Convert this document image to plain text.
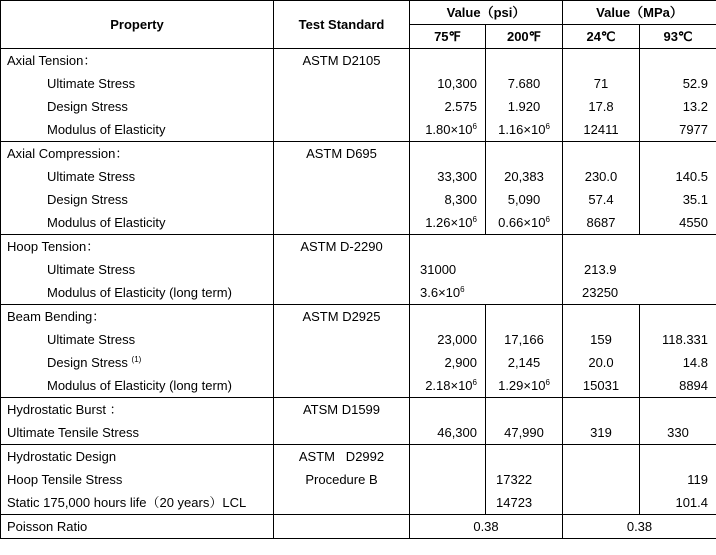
Property	Test Standard	Value（psi）		Value（MPa）	
		75℉	200℉	24℃	93℃
Axial Tension：	ASTM D2105				
Ultimate Stress		10,300	7.680	71	52.9
Design Stress		2.575	1.920	17.8	13.2
Modulus of Elasticity		$1.80\times 10^6$	$1.16\times 10^6$	12411	7977
Axial Compression：	ASTM D695				
Ultimate Stress		33,300	20,383	230.0	140.5
Design Stress		8,300	5,090	57.4	35.1
Modulus of Elasticity		$1.26\times 10^6$	$0.66\times 10^6$	8687	4550
Hoop Tension：	ASTM D-2290				
Ultimate Stress		31000		213.9	
Modulus of Elasticity (long term)		$3.6\times 10^6$		23250	
Beam Bending：	ASTM D2925				
Ultimate Stress		23,000	17,166	159	118.331
Design Stress $^{(1)}$		2,900	2,145	20.0	14.8
Modulus of Elasticity (long term)		$2.18\times 10^6$	$1.29\times 10^6$	15031	8894
Hydrostatic Burst ：	ATSM D1599				
Ultimate Tensile Stress		46,300	47,990	319	330
Hydrostatic Design	ASTM   D2992				
Hoop Tensile Stress	Procedure B		17322		119
Static 175,000 hours life（20 years）LCL			14723		101.4
Poisson Ratio		0.38		0.38	
